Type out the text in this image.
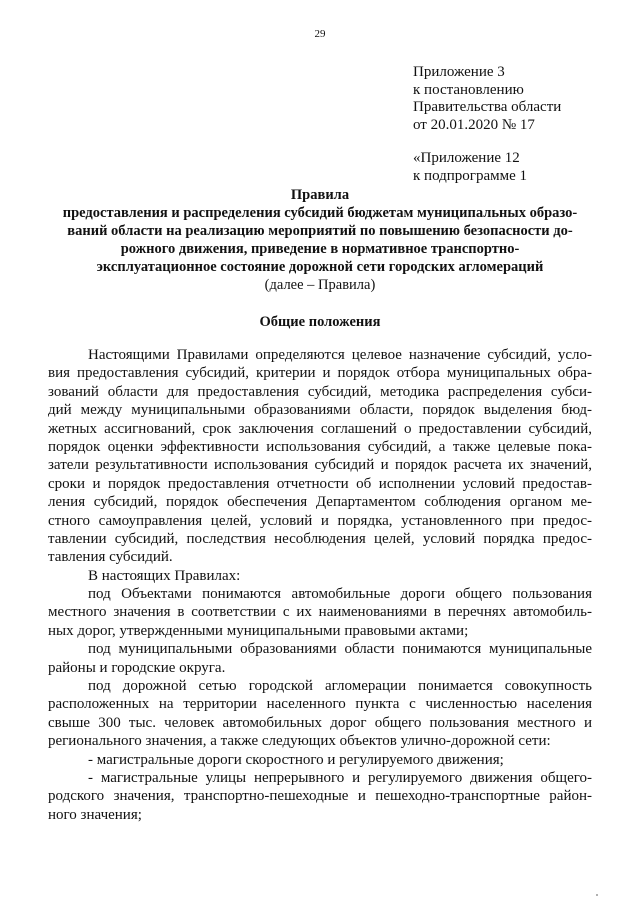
29
Приложение 3
к постановлению
Правительства области
от 20.01.2020 № 17
«Приложение 12
к подпрограмме 1
Правила
предоставления и распределения субсидий бюджетам муниципальных образо-
ваний области на реализацию мероприятий по повышению безопасности до-
рожного движения, приведение в нормативное транспортно-
эксплуатационное состояние дорожной сети городских агломераций
(далее – Правила)
Общие положения
Настоящими Правилами определяются целевое назначение субсидий, усло-
вия предоставления субсидий, критерии и порядок отбора муниципальных обра-
зований области для предоставления субсидий, методика распределения субси-
дий между муниципальными образованиями области, порядок выделения бюд-
жетных ассигнований, срок заключения соглашений о предоставлении субсидий,
порядок оценки эффективности использования субсидий, а также целевые пока-
затели результативности использования субсидий и порядок расчета их значений,
сроки и порядок предоставления отчетности об исполнении условий предостав-
ления субсидий, порядок обеспечения Департаментом соблюдения органом ме-
стного самоуправления целей, условий и порядка, установленного при предос-
тавлении субсидий, последствия несоблюдения целей, условий порядка предос-
тавления субсидий.
В настоящих Правилах:
под Объектами понимаются автомобильные дороги общего пользования
местного значения в соответствии с их наименованиями в перечнях автомобиль-
ных дорог, утвержденными муниципальными правовыми актами;
под муниципальными образованиями области понимаются муниципальные
районы и городские округа.
под дорожной сетью городской агломерации понимается совокупность
расположенных на территории населенного пункта с численностью населения
свыше 300 тыс. человек автомобильных дорог общего пользования местного и
регионального значения, а также следующих объектов улично-дорожной сети:
- магистральные дороги скоростного и регулируемого движения;
- магистральные улицы непрерывного и регулируемого движения общего-
родского значения, транспортно-пешеходные и пешеходно-транспортные район-
ного значения;
